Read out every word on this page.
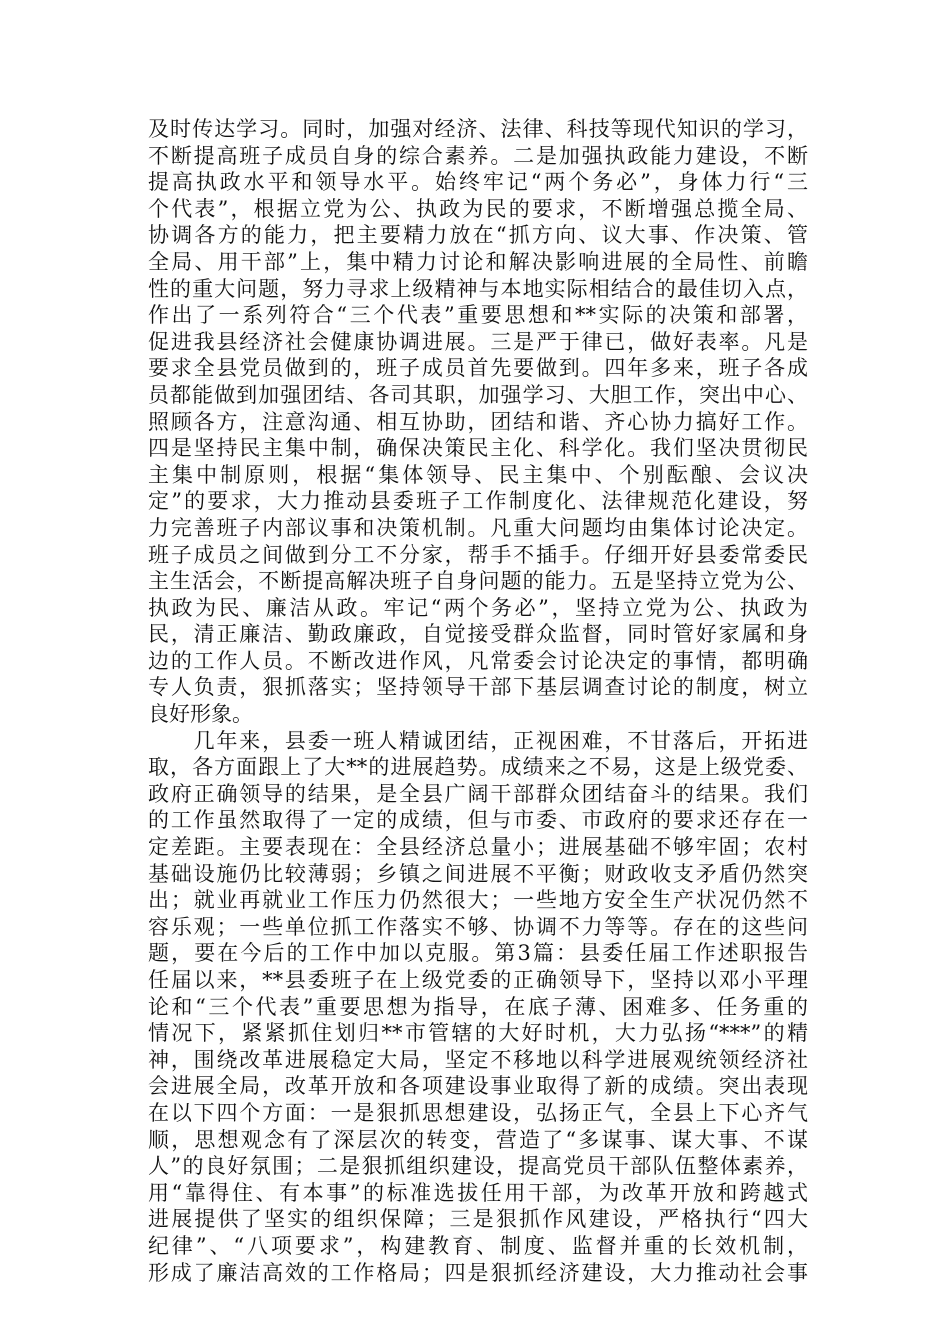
及时传达学习。同时，加强对经济、法律、科技等现代知识的学习，
不断提高班子成员自身的综合素养。二是加强执政能力建设，不断
提高执政水平和领导水平。始终牢记“两个务必”，身体力行“三
个代表”，根据立党为公、执政为民的要求，不断增强总揽全局、
协调各方的能力，把主要精力放在“抓方向、议大事、作决策、管
全局、用干部”上，集中精力讨论和解决影响进展的全局性、前瞻
性的重大问题，努力寻求上级精神与本地实际相结合的最佳切入点，
作出了一系列符合“三个代表”重要思想和**实际的决策和部署，
促进我县经济社会健康协调进展。三是严于律已，做好表率。凡是
要求全县党员做到的，班子成员首先要做到。四年多来，班子各成
员都能做到加强团结、各司其职，加强学习、大胆工作，突出中心、
照顾各方，注意沟通、相互协助，团结和谐、齐心协力搞好工作。
四是坚持民主集中制，确保决策民主化、科学化。我们坚决贯彻民
主集中制原则，根据“集体领导、民主集中、个别酝酿、会议决
定”的要求，大力推动县委班子工作制度化、法律规范化建设，努
力完善班子内部议事和决策机制。凡重大问题均由集体讨论决定。
班子成员之间做到分工不分家，帮手不插手。仔细开好县委常委民
主生活会，不断提高解决班子自身问题的能力。五是坚持立党为公、
执政为民、廉洁从政。牢记“两个务必”，坚持立党为公、执政为
民，清正廉洁、勤政廉政，自觉接受群众监督，同时管好家属和身
边的工作人员。不断改进作风，凡常委会讨论决定的事情，都明确
专人负责，狠抓落实；坚持领导干部下基层调查讨论的制度，树立
良好形象。
　　几年来，县委一班人精诚团结，正视困难，不甘落后，开拓进
取，各方面跟上了大**的进展趋势。成绩来之不易，这是上级党委、
政府正确领导的结果，是全县广阔干部群众团结奋斗的结果。我们
的工作虽然取得了一定的成绩，但与市委、市政府的要求还存在一
定差距。主要表现在：全县经济总量小；进展基础不够牢固；农村
基础设施仍比较薄弱；乡镇之间进展不平衡；财政收支矛盾仍然突
出；就业再就业工作压力仍然很大；一些地方安全生产状况仍然不
容乐观；一些单位抓工作落实不够、协调不力等等。存在的这些问
题，要在今后的工作中加以克服。第3篇：县委任届工作述职报告
任届以来，**县委班子在上级党委的正确领导下，坚持以邓小平理
论和“三个代表”重要思想为指导，在底子薄、困难多、任务重的
情况下，紧紧抓住划归**市管辖的大好时机，大力弘扬“***”的精
神，围绕改革进展稳定大局，坚定不移地以科学进展观统领经济社
会进展全局，改革开放和各项建设事业取得了新的成绩。突出表现
在以下四个方面：一是狠抓思想建设，弘扬正气，全县上下心齐气
顺，思想观念有了深层次的转变，营造了“多谋事、谋大事、不谋
人”的良好氛围；二是狠抓组织建设，提高党员干部队伍整体素养，
用“靠得住、有本事”的标准选拔任用干部，为改革开放和跨越式
进展提供了坚实的组织保障；三是狠抓作风建设，严格执行“四大
纪律”、“八项要求”，构建教育、制度、监督并重的长效机制，
形成了廉洁高效的工作格局；四是狠抓经济建设，大力推动社会事
